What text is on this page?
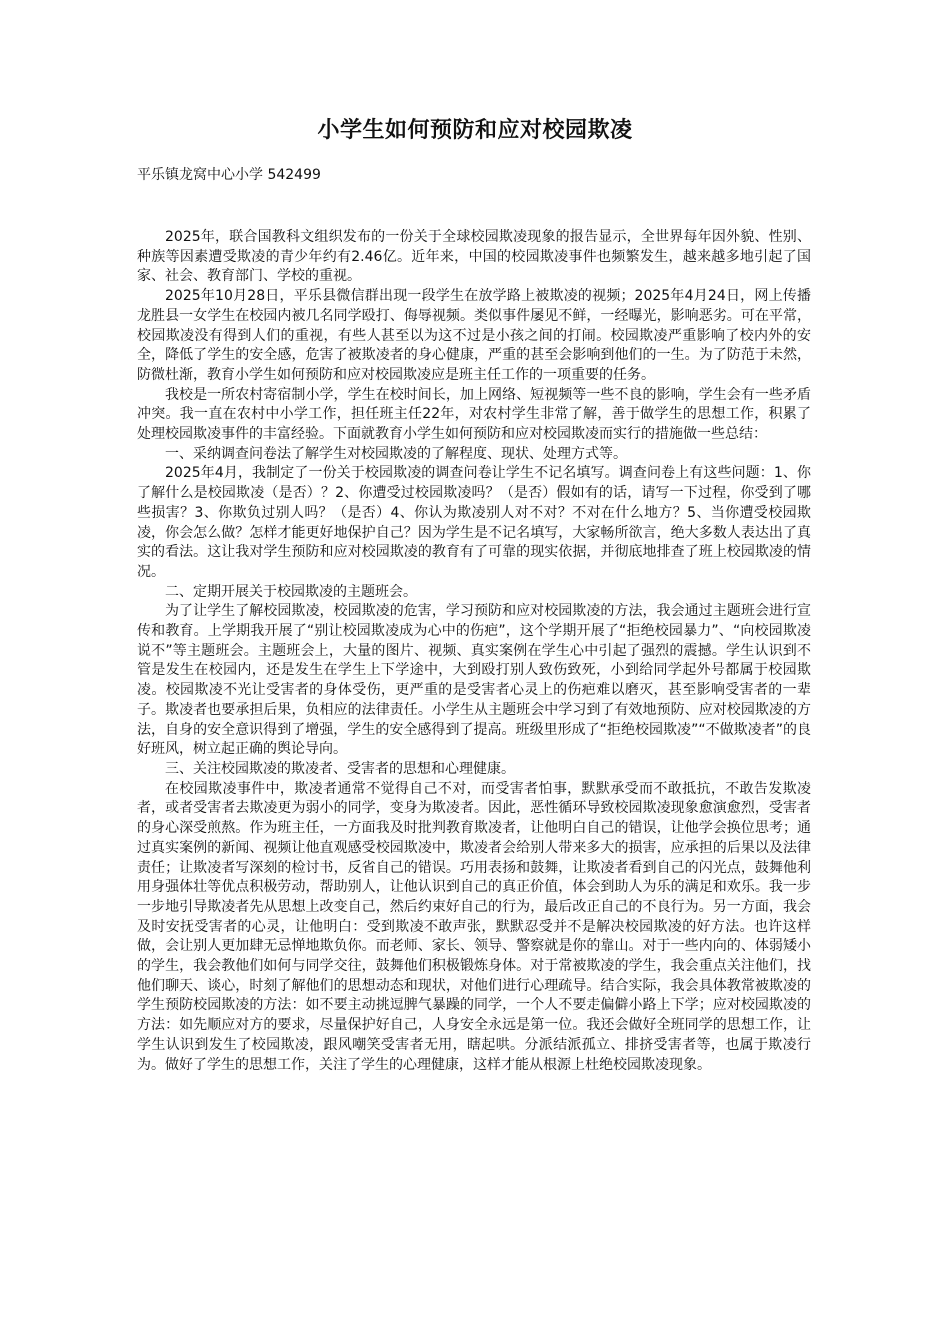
小学生如何预防和应对校园欺凌

平乐镇龙窝中心小学 542499

2025年，联合国教科文组织发布的一份关于全球校园欺凌现象的报告显示，全世界每年因外貌、性别、种族等因素遭受欺凌的青少年约有2.46亿。近年来，中国的校园欺凌事件也频繁发生，越来越多地引起了国家、社会、教育部门、学校的重视。

2025年10月28日，平乐县微信群出现一段学生在放学路上被欺凌的视频；2025年4月24日，网上传播龙胜县一女学生在校园内被几名同学殴打、侮辱视频。类似事件屡见不鲜，一经曝光，影响恶劣。可在平常，校园欺凌没有得到人们的重视，有些人甚至以为这不过是小孩之间的打闹。校园欺凌严重影响了校内外的安全，降低了学生的安全感，危害了被欺凌者的身心健康，严重的甚至会影响到他们的一生。为了防范于未然，防微杜渐，教育小学生如何预防和应对校园欺凌应是班主任工作的一项重要的任务。

我校是一所农村寄宿制小学，学生在校时间长，加上网络、短视频等一些不良的影响，学生会有一些矛盾冲突。我一直在农村中小学工作，担任班主任22年，对农村学生非常了解，善于做学生的思想工作，积累了处理校园欺凌事件的丰富经验。下面就教育小学生如何预防和应对校园欺凌而实行的措施做一些总结：

一、采纳调查问卷法了解学生对校园欺凌的了解程度、现状、处理方式等。

2025年4月，我制定了一份关于校园欺凌的调查问卷让学生不记名填写。调查问卷上有这些问题：1、你了解什么是校园欺凌（是否）？2、你遭受过校园欺凌吗？（是否）假如有的话，请写一下过程，你受到了哪些损害？3、你欺负过别人吗？（是否）4、你认为欺凌别人对不对？不对在什么地方？5、当你遭受校园欺凌，你会怎么做？怎样才能更好地保护自己？因为学生是不记名填写，大家畅所欲言，绝大多数人表达出了真实的看法。这让我对学生预防和应对校园欺凌的教育有了可靠的现实依据，并彻底地排查了班上校园欺凌的情况。

二、定期开展关于校园欺凌的主题班会。

为了让学生了解校园欺凌，校园欺凌的危害，学习预防和应对校园欺凌的方法，我会通过主题班会进行宣传和教育。上学期我开展了“别让校园欺凌成为心中的伤疤”，这个学期开展了“拒绝校园暴力”、“向校园欺凌说不”等主题班会。主题班会上，大量的图片、视频、真实案例在学生心中引起了强烈的震撼。学生认识到不管是发生在校园内，还是发生在学生上下学途中，大到殴打别人致伤致死，小到给同学起外号都属于校园欺凌。校园欺凌不光让受害者的身体受伤，更严重的是受害者心灵上的伤疤难以磨灭，甚至影响受害者的一辈子。欺凌者也要承担后果，负相应的法律责任。小学生从主题班会中学习到了有效地预防、应对校园欺凌的方法，自身的安全意识得到了增强，学生的安全感得到了提高。班级里形成了“拒绝校园欺凌”“不做欺凌者”的良好班风，树立起正确的舆论导向。

三、关注校园欺凌的欺凌者、受害者的思想和心理健康。

在校园欺凌事件中，欺凌者通常不觉得自己不对，而受害者怕事，默默承受而不敢抵抗，不敢告发欺凌者，或者受害者去欺凌更为弱小的同学，变身为欺凌者。因此，恶性循环导致校园欺凌现象愈演愈烈，受害者的身心深受煎熬。作为班主任，一方面我及时批判教育欺凌者，让他明白自己的错误，让他学会换位思考；通过真实案例的新闻、视频让他直观感受校园欺凌中，欺凌者会给别人带来多大的损害，应承担的后果以及法律责任；让欺凌者写深刻的检讨书，反省自己的错误。巧用表扬和鼓舞，让欺凌者看到自己的闪光点，鼓舞他利用身强体壮等优点积极劳动，帮助别人，让他认识到自己的真正价值，体会到助人为乐的满足和欢乐。我一步一步地引导欺凌者先从思想上改变自己，然后约束好自己的行为，最后改正自己的不良行为。另一方面，我会及时安抚受害者的心灵，让他明白：受到欺凌不敢声张，默默忍受并不是解决校园欺凌的好方法。也许这样做，会让别人更加肆无忌惮地欺负你。而老师、家长、领导、警察就是你的靠山。对于一些内向的、体弱矮小的学生，我会教他们如何与同学交往，鼓舞他们积极锻炼身体。对于常被欺凌的学生，我会重点关注他们，找他们聊天、谈心，时刻了解他们的思想动态和现状，对他们进行心理疏导。结合实际，我会具体教常被欺凌的学生预防校园欺凌的方法：如不要主动挑逗脾气暴躁的同学，一个人不要走偏僻小路上下学；应对校园欺凌的方法：如先顺应对方的要求，尽量保护好自己，人身安全永远是第一位。我还会做好全班同学的思想工作，让学生认识到发生了校园欺凌，跟风嘲笑受害者无用，瞎起哄。分派结派孤立、排挤受害者等，也属于欺凌行为。做好了学生的思想工作，关注了学生的心理健康，这样才能从根源上杜绝校园欺凌现象。
